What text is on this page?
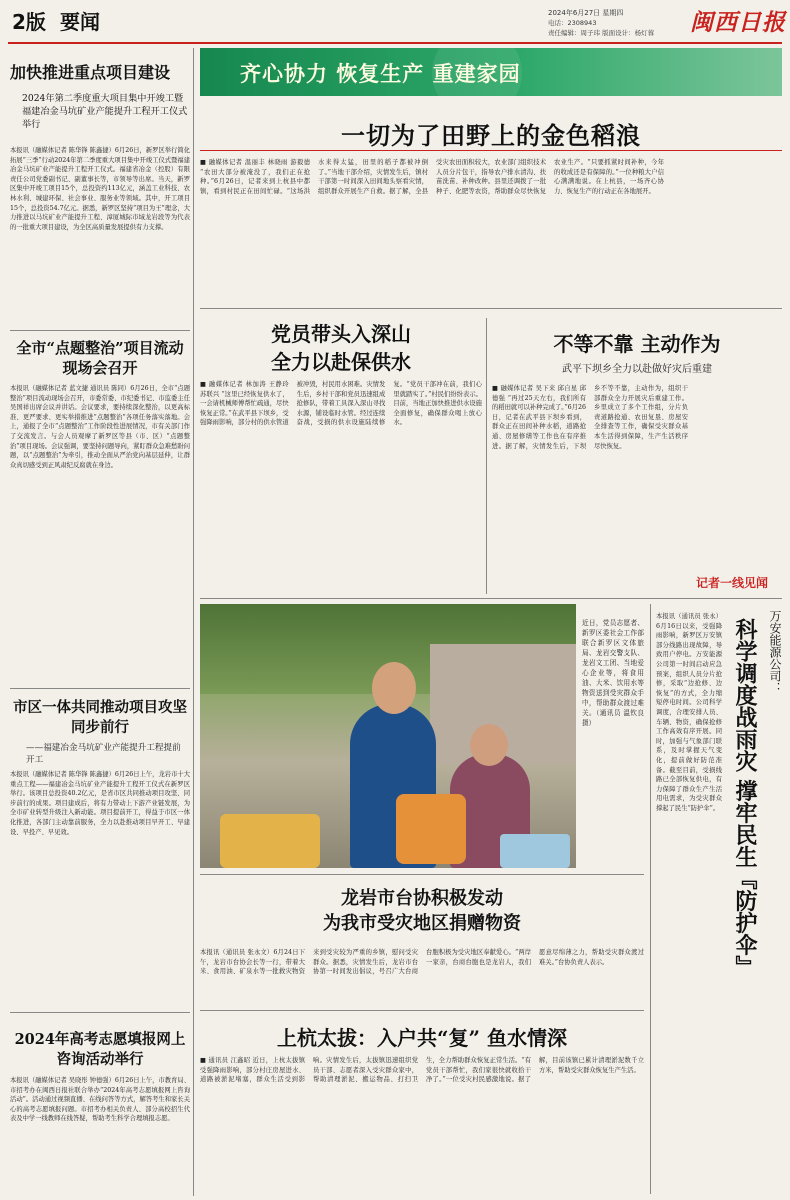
2版 要闻	2024年6月27日 星期四
电话：2308943
责任编辑：周子玮 版面设计：杨灯蓉 闽西日报
加快推进重点项目建设
2024年第二季度重大项目集中开竣工暨福建冶金马坑矿业产能提升工程开工仪式举行
本报讯（融媒体记者 陈华锋 陈鑫捷）6月26日，新罗区举行简化拓展“三季”行动2024年第二季度重大项目集中开竣工仪式暨福建冶金马坑矿业产能提升工程开工仪式。福建省冶金（控股）有限责任公司党委副书记、副董事长等，市领导等出席。当天，新罗区集中开竣工项目15个，总投资约113亿元，涵盖工业科技、农林水利、城建环保、社会事业、服务业等领域。其中，开工项目15个，总投资54.7亿元。据悉，新罗区坚持“项目为王”理念，大力推进以马坑矿业产能提升工程、漳厦城际市域龙岩段等为代表的一批重大项目建设，为全区高质量发展提供有力支撑。
全市“点题整治”项目流动现场会召开
本报讯（融媒体记者 蓝文捷 通讯员 陈同）6月26日，全市“点题整治”项目流动现场会召开，市委常委、市纪委书记、市监委主任吴国祥出席会议并讲话。会议要求，要持续深化整治，以更高标准、更严要求、更实举措推进“点题整治”各项任务落实落地。会上，通报了全市“点题整治”工作阶段性进展情况，市有关部门作了交流发言。与会人员观摩了新罗区等县（市、区）“点题整治”项目现场。会议强调，要坚持问题导向，紧盯群众急难愁盼问题，以“点题整治”为牵引，推动全面从严治党向基层延伸，让群众真切感受到正风肃纪反腐就在身边。
市区一体共同推动项目攻坚同步前行
——福建冶金马坑矿业产能提升工程提前开工
本报讯（融媒体记者 陈华锋 陈鑫捷）6月26日上午，龙岩市十大重点工程——福建冶金马坑矿业产能提升工程开工仪式在新罗区举行。该项目总投资40.2亿元，是省市区共同推动项目攻坚、同步前行的成果。项目建成后，将有力带动上下游产业链发展，为全市矿业转型升级注入新动能。项目提前开工，得益于市区一体化推进，各部门主动靠前服务，全力以赴推动项目早开工、早建设、早投产、早见效。
2024年高考志愿填报网上咨询活动举行
本报讯（融媒体记者 吴晓彤 钟德强）6月26日上午，市教育局、市招考办在闽西日报社联合举办“2024年高考志愿填报网上咨询活动”。活动通过视频直播、在线问答等方式，解答考生和家长关心的高考志愿填报问题。市招考办相关负责人、部分高校招生代表及中学一线教师在线答疑，帮助考生科学合理填报志愿。
齐心协力 恢复生产 重建家园
一切为了田野上的金色稻浪
■ 融媒体记者 温丽丰 林晓雨 游毅德 “农田大部分被淹没了，我们正在抢种。”6月26日，记者来到上杭县中都镇，看到村民正在田间忙碌。“这场洪水来得太猛，田里的稻子都被冲倒了。”当地干部介绍，灾情发生后，镇村干部第一时间深入田间地头察看灾情，组织群众开展生产自救。据了解，全县受灾农田面积较大，农业部门组织技术人员分片包干，指导农户排水清沟、扶苗洗苗、补种改种。县里还调拨了一批种子、化肥等农资，帮助群众尽快恢复农业生产。“只要抓紧时间补种，今年的收成还是有保障的。”一位种粮大户信心满满地说。在上杭县，一场齐心协力、恢复生产的行动正在各地展开。
党员带头入深山
全力以赴保供水
■ 融媒体记者 林加涛 王静玲 苏联兴 “这里已经恢复供水了，一会请机械师傅帮忙疏通，尽快恢复正常。”在武平县下坝乡，受强降雨影响，部分村的供水管道被冲毁，村民用水困难。灾情发生后，乡村干部和党员迅速组成抢修队，带着工具深入深山寻找水源，铺设临时水管。经过连续奋战，受损的供水设施陆续修复。“党员干部冲在前，我们心里就踏实了。”村民们纷纷表示。目前，当地正加快推进供水设施全面修复，确保群众喝上放心水。
不等不靠 主动作为
武平下坝乡全力以赴做好灾后重建
■ 融媒体记者 吴下来 邱自星 邱德强 “再过25天左右，我们所有的稻田就可以补种完成了。”6月26日，记者在武平县下坝乡看到，群众正在田间补种水稻，道路抢通、房屋修缮等工作也在有序推进。据了解，灾情发生后，下坝乡不等不靠，主动作为，组织干部群众全力开展灾后重建工作。乡里成立了多个工作组，分片负责道路抢通、农田复垦、房屋安全排查等工作，确保受灾群众基本生活得到保障，生产生活秩序尽快恢复。
记者一线见闻
近日，党员志愿者、新罗区委社会工作部联合新罗区文体旅局、龙岩交警支队、龙岩文工团、当地爱心企业等，将食用油、大米、饮用水等物资送到受灾群众手中，帮助群众渡过难关。（通讯员 温钦良 摄）
万安能源公司：
科学调度战雨灾 撑牢民生『防护伞』
本报讯（通讯员 张永）6月16日以来，受强降雨影响，新罗区万安镇部分线路出现故障，导致用户停电。万安能源公司第一时间启动应急预案，组织人员分片抢修，采取“边抢修、边恢复”的方式，全力缩短停电时间。公司科学调度，合理安排人员、车辆、物资，确保抢修工作高效有序开展。同时，加强与气象部门联系，及时掌握天气变化，提前做好防范准备。截至目前，受损线路已全部恢复供电，有力保障了群众生产生活用电需求，为受灾群众撑起了民生“防护伞”。
龙岩市台协积极发动
为我市受灾地区捐赠物资
本报讯（通讯员 张永文）6月24日下午，龙岩市台协会长等一行，带着大米、食用油、矿泉水等一批救灾物资来到受灾较为严重的乡镇，慰问受灾群众。据悉，灾情发生后，龙岩市台协第一时间发出倡议，号召广大台商台胞积极为受灾地区奉献爱心。“两岸一家亲，台商台胞也是龙岩人，我们愿意尽绵薄之力，帮助受灾群众渡过难关。”台协负责人表示。
上杭太拔：入户共“复” 鱼水情深
■ 通讯员 江鑫昭 近日，上杭太拔镇受强降雨影响，部分村庄房屋进水、道路被淤泥堵塞，群众生活受到影响。灾情发生后，太拔镇迅速组织党员干部、志愿者深入受灾群众家中，帮助清理淤泥、搬运物品、打扫卫生，全力帮助群众恢复正常生活。“有党员干部帮忙，我们家很快就收拾干净了。”一位受灾村民感激地说。据了解，目前该镇已累计清理淤泥数千立方米，帮助受灾群众恢复生产生活。
